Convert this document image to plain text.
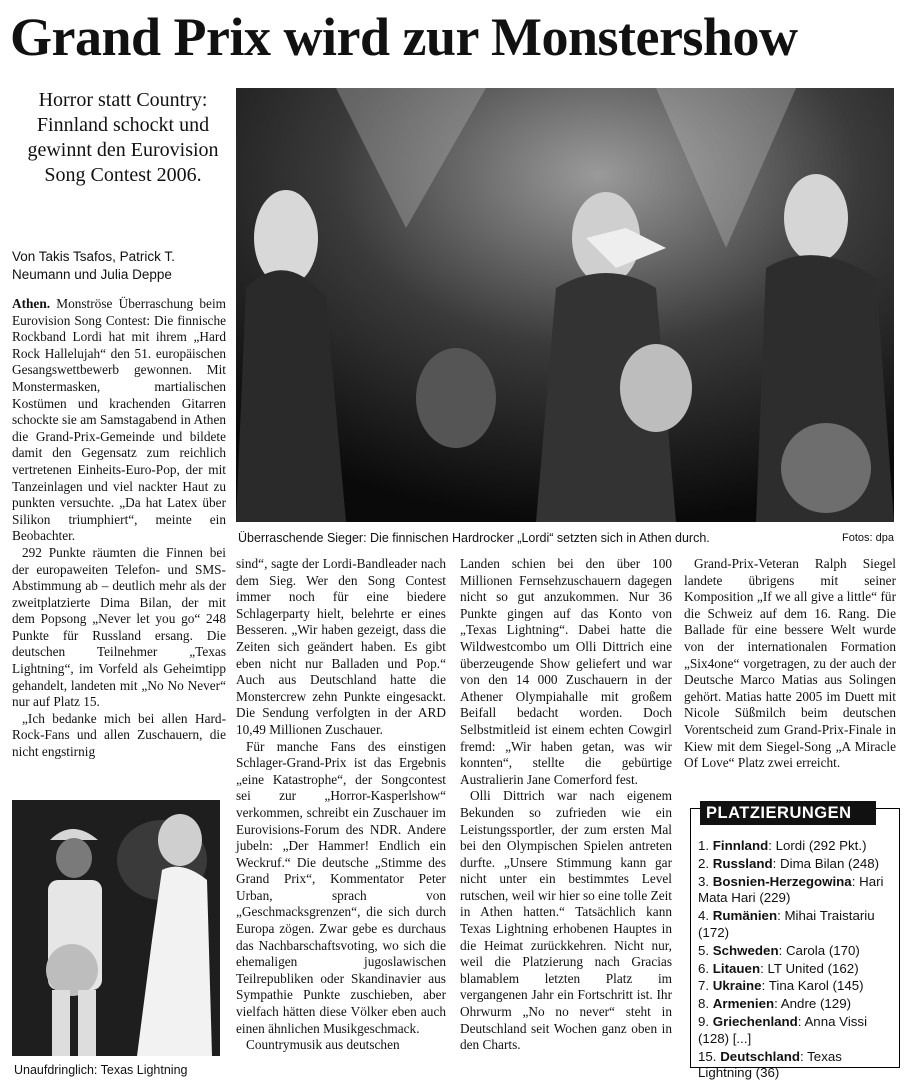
Grand Prix wird zur Monstershow
Horror statt Country: Finnland schockt und gewinnt den Eurovision Song Contest 2006.
Von Takis Tsafos, Patrick T. Neumann und Julia Deppe

Athen. Monströse Überraschung beim Eurovision Song Contest: Die finnische Rockband Lordi hat mit ihrem „Hard Rock Hallelujah“ den 51. europäischen Gesangswettbewerb gewonnen. Mit Monstermasken, martialischen Kostümen und krachenden Gitarren schockte sie am Samstagabend in Athen die Grand-Prix-Gemeinde und bildete damit den Gegensatz zum reichlich vertretenen Einheits-Euro-Pop, der mit Tanzeinlagen und viel nackter Haut zu punkten versuchte. „Da hat Latex über Silikon triumphiert“, meinte ein Beobachter.

292 Punkte räumten die Finnen bei der europaweiten Telefon- und SMS-Abstimmung ab – deutlich mehr als der zweitplatzierte Dima Bilan, der mit dem Popsong „Never let you go“ 248 Punkte für Russland ersang. Die deutschen Teilnehmer „Texas Lightning“, im Vorfeld als Geheimtipp gehandelt, landeten mit „No No Never“ nur auf Platz 15.

„Ich bedanke mich bei allen Hard-Rock-Fans und allen Zuschauern, die nicht engstirnig

Überraschende Sieger: Die finnischen Hardrocker „Lordi“ setzten sich in Athen durch.	Fotos: dpa

sind“, sagte der Lordi-Bandleader nach dem Sieg. Wer den Song Contest immer noch für eine biedere Schlagerparty hielt, belehrte er eines Besseren. „Wir haben gezeigt, dass die Zeiten sich geändert haben. Es gibt eben nicht nur Balladen und Pop.“ Auch aus Deutschland hatte die Monstercrew zehn Punkte eingesackt. Die Sendung verfolgten in der ARD 10,49 Millionen Zuschauer.

Für manche Fans des einstigen Schlager-Grand-Prix ist das Ergebnis „eine Katastrophe“, der Songcontest sei zur „Horror-Kasperlshow“ verkommen, schreibt ein Zuschauer im Eurovisions-Forum des NDR. Andere jubeln: „Der Hammer! Endlich ein Weckruf.“ Die deutsche „Stimme des Grand Prix“, Kommentator Peter Urban, sprach von „Geschmacksgrenzen“, die sich durch Europa zögen. Zwar gebe es durchaus das Nachbarschaftsvoting, wo sich die ehemaligen jugoslawischen Teilrepubliken oder Skandinavier aus Sympathie Punkte zuschieben, aber vielfach hätten diese Völker eben auch einen ähnlichen Musikgeschmack.

Countrymusik aus deutschen

Landen schien bei den über 100 Millionen Fernsehzuschauern dagegen nicht so gut anzukommen. Nur 36 Punkte gingen auf das Konto von „Texas Lightning“. Dabei hatte die Wildwestcombo um Olli Dittrich eine überzeugende Show geliefert und war von den 14 000 Zuschauern in der Athener Olympiahalle mit großem Beifall bedacht worden. Doch Selbstmitleid ist einem echten Cowgirl fremd: „Wir haben getan, was wir konnten“, stellte die gebürtige Australierin Jane Comerford fest.

Olli Dittrich war nach eigenem Bekunden so zufrieden wie ein Leistungssportler, der zum ersten Mal bei den Olympischen Spielen antreten durfte. „Unsere Stimmung kann gar nicht unter ein bestimmtes Level rutschen, weil wir hier so eine tolle Zeit in Athen hatten.“ Tatsächlich kann Texas Lightning erhobenen Hauptes in die Heimat zurückkehren. Nicht nur, weil die Platzierung nach Gracias blamablem letzten Platz im vergangenen Jahr ein Fortschritt ist. Ihr Ohrwurm „No no never“ steht in Deutschland seit Wochen ganz oben in den Charts.

Grand-Prix-Veteran Ralph Siegel landete übrigens mit seiner Komposition „If we all give a little“ für die Schweiz auf dem 16. Rang. Die Ballade für eine bessere Welt wurde von der internationalen Formation „Six4one“ vorgetragen, zu der auch der Deutsche Marco Matias aus Solingen gehört. Matias hatte 2005 im Duett mit Nicole Süßmilch beim deutschen Vorentscheid zum Grand-Prix-Finale in Kiew mit dem Siegel-Song „A Miracle Of Love“ Platz zwei erreicht.

Unaufdringlich: Texas Lightning
PLATZIERUNGEN
1. Finnland: Lordi (292 Pkt.)
2. Russland: Dima Bilan (248)
3. Bosnien-Herzegowina: Hari Mata Hari (229)
4. Rumänien: Mihai Traistariu (172)
5. Schweden: Carola (170)
6. Litauen: LT United (162)
7. Ukraine: Tina Karol (145)
8. Armenien: Andre (129)
9. Griechenland: Anna Vissi (128) [...]
15. Deutschland: Texas Lightning (36)
